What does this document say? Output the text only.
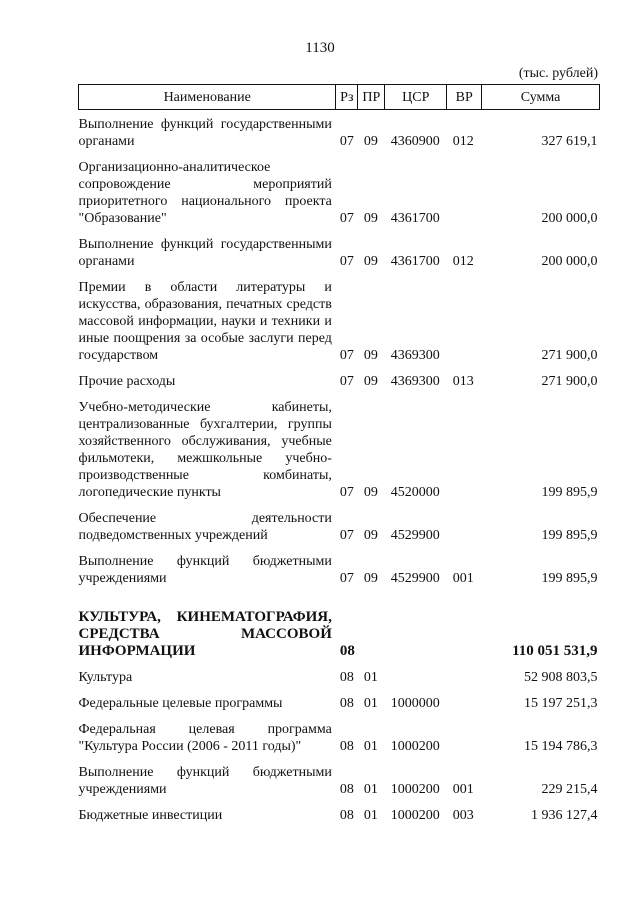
1130
(тыс. рублей)
Наименование	Рз	ПР	ЦСР	ВР	Сумма
Выполнение функций государственными органами	07	09	4360900	012	327 619,1
Организационно-аналитическое сопровождение мероприятий приоритетного национального проекта "Образование"	07	09	4361700		200 000,0
Выполнение функций государственными органами	07	09	4361700	012	200 000,0
Премии в области литературы и искусства, образования, печатных средств массовой информации, науки и техники и иные поощрения за особые заслуги перед государством	07	09	4369300		271 900,0
Прочие расходы	07	09	4369300	013	271 900,0
Учебно-методические кабинеты, централизованные бухгалтерии, группы хозяйственного обслуживания, учебные фильмотеки, межшкольные учебно-производственные комбинаты, логопедические пункты	07	09	4520000		199 895,9
Обеспечение деятельности подведомственных учреждений	07	09	4529900		199 895,9
Выполнение функций бюджетными учреждениями	07	09	4529900	001	199 895,9
КУЛЬТУРА, КИНЕМАТОГРАФИЯ, СРЕДСТВА МАССОВОЙ ИНФОРМАЦИИ	08				110 051 531,9
Культура	08	01			52 908 803,5
Федеральные целевые программы	08	01	1000000		15 197 251,3
Федеральная целевая программа "Культура России (2006 - 2011 годы)"	08	01	1000200		15 194 786,3
Выполнение функций бюджетными учреждениями	08	01	1000200	001	229 215,4
Бюджетные инвестиции	08	01	1000200	003	1 936 127,4
